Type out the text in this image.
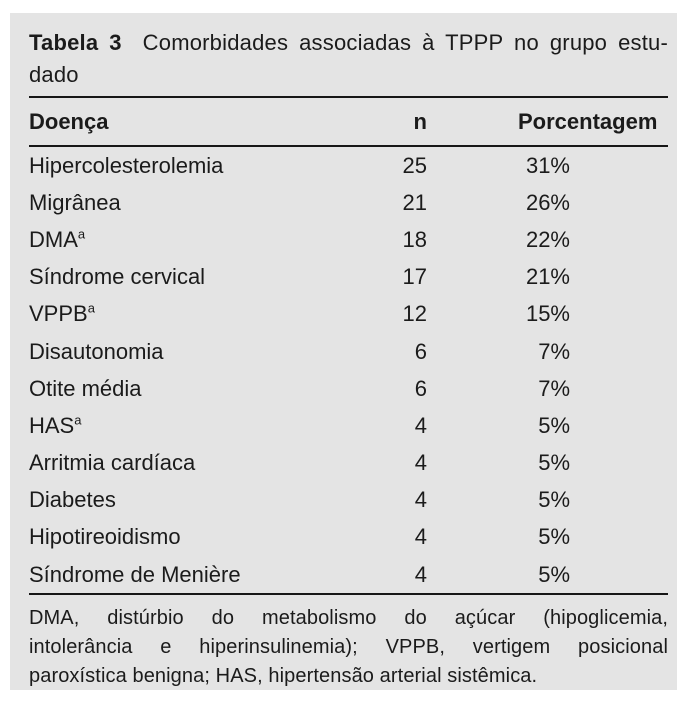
Tabela 3 Comorbidades associadas à TPPP no grupo estu-
dado
Doença	n	Porcentagem
Hipercolesterolemia	25	31%
Migrânea	21	26%
DMA$^a$	18	22%
Síndrome cervical	17	21%
VPPB$^a$	12	15%
Disautonomia	6	7%
Otite média	6	7%
HAS$^a$	4	5%
Arritmia cardíaca	4	5%
Diabetes	4	5%
Hipotireoidismo	4	5%
Síndrome de Menière	4	5%
DMA, distúrbio do metabolismo do açúcar (hipoglicemia,
intolerância e hiperinsulinemia); VPPB, vertigem posicional
paroxística benigna; HAS, hipertensão arterial sistêmica.
